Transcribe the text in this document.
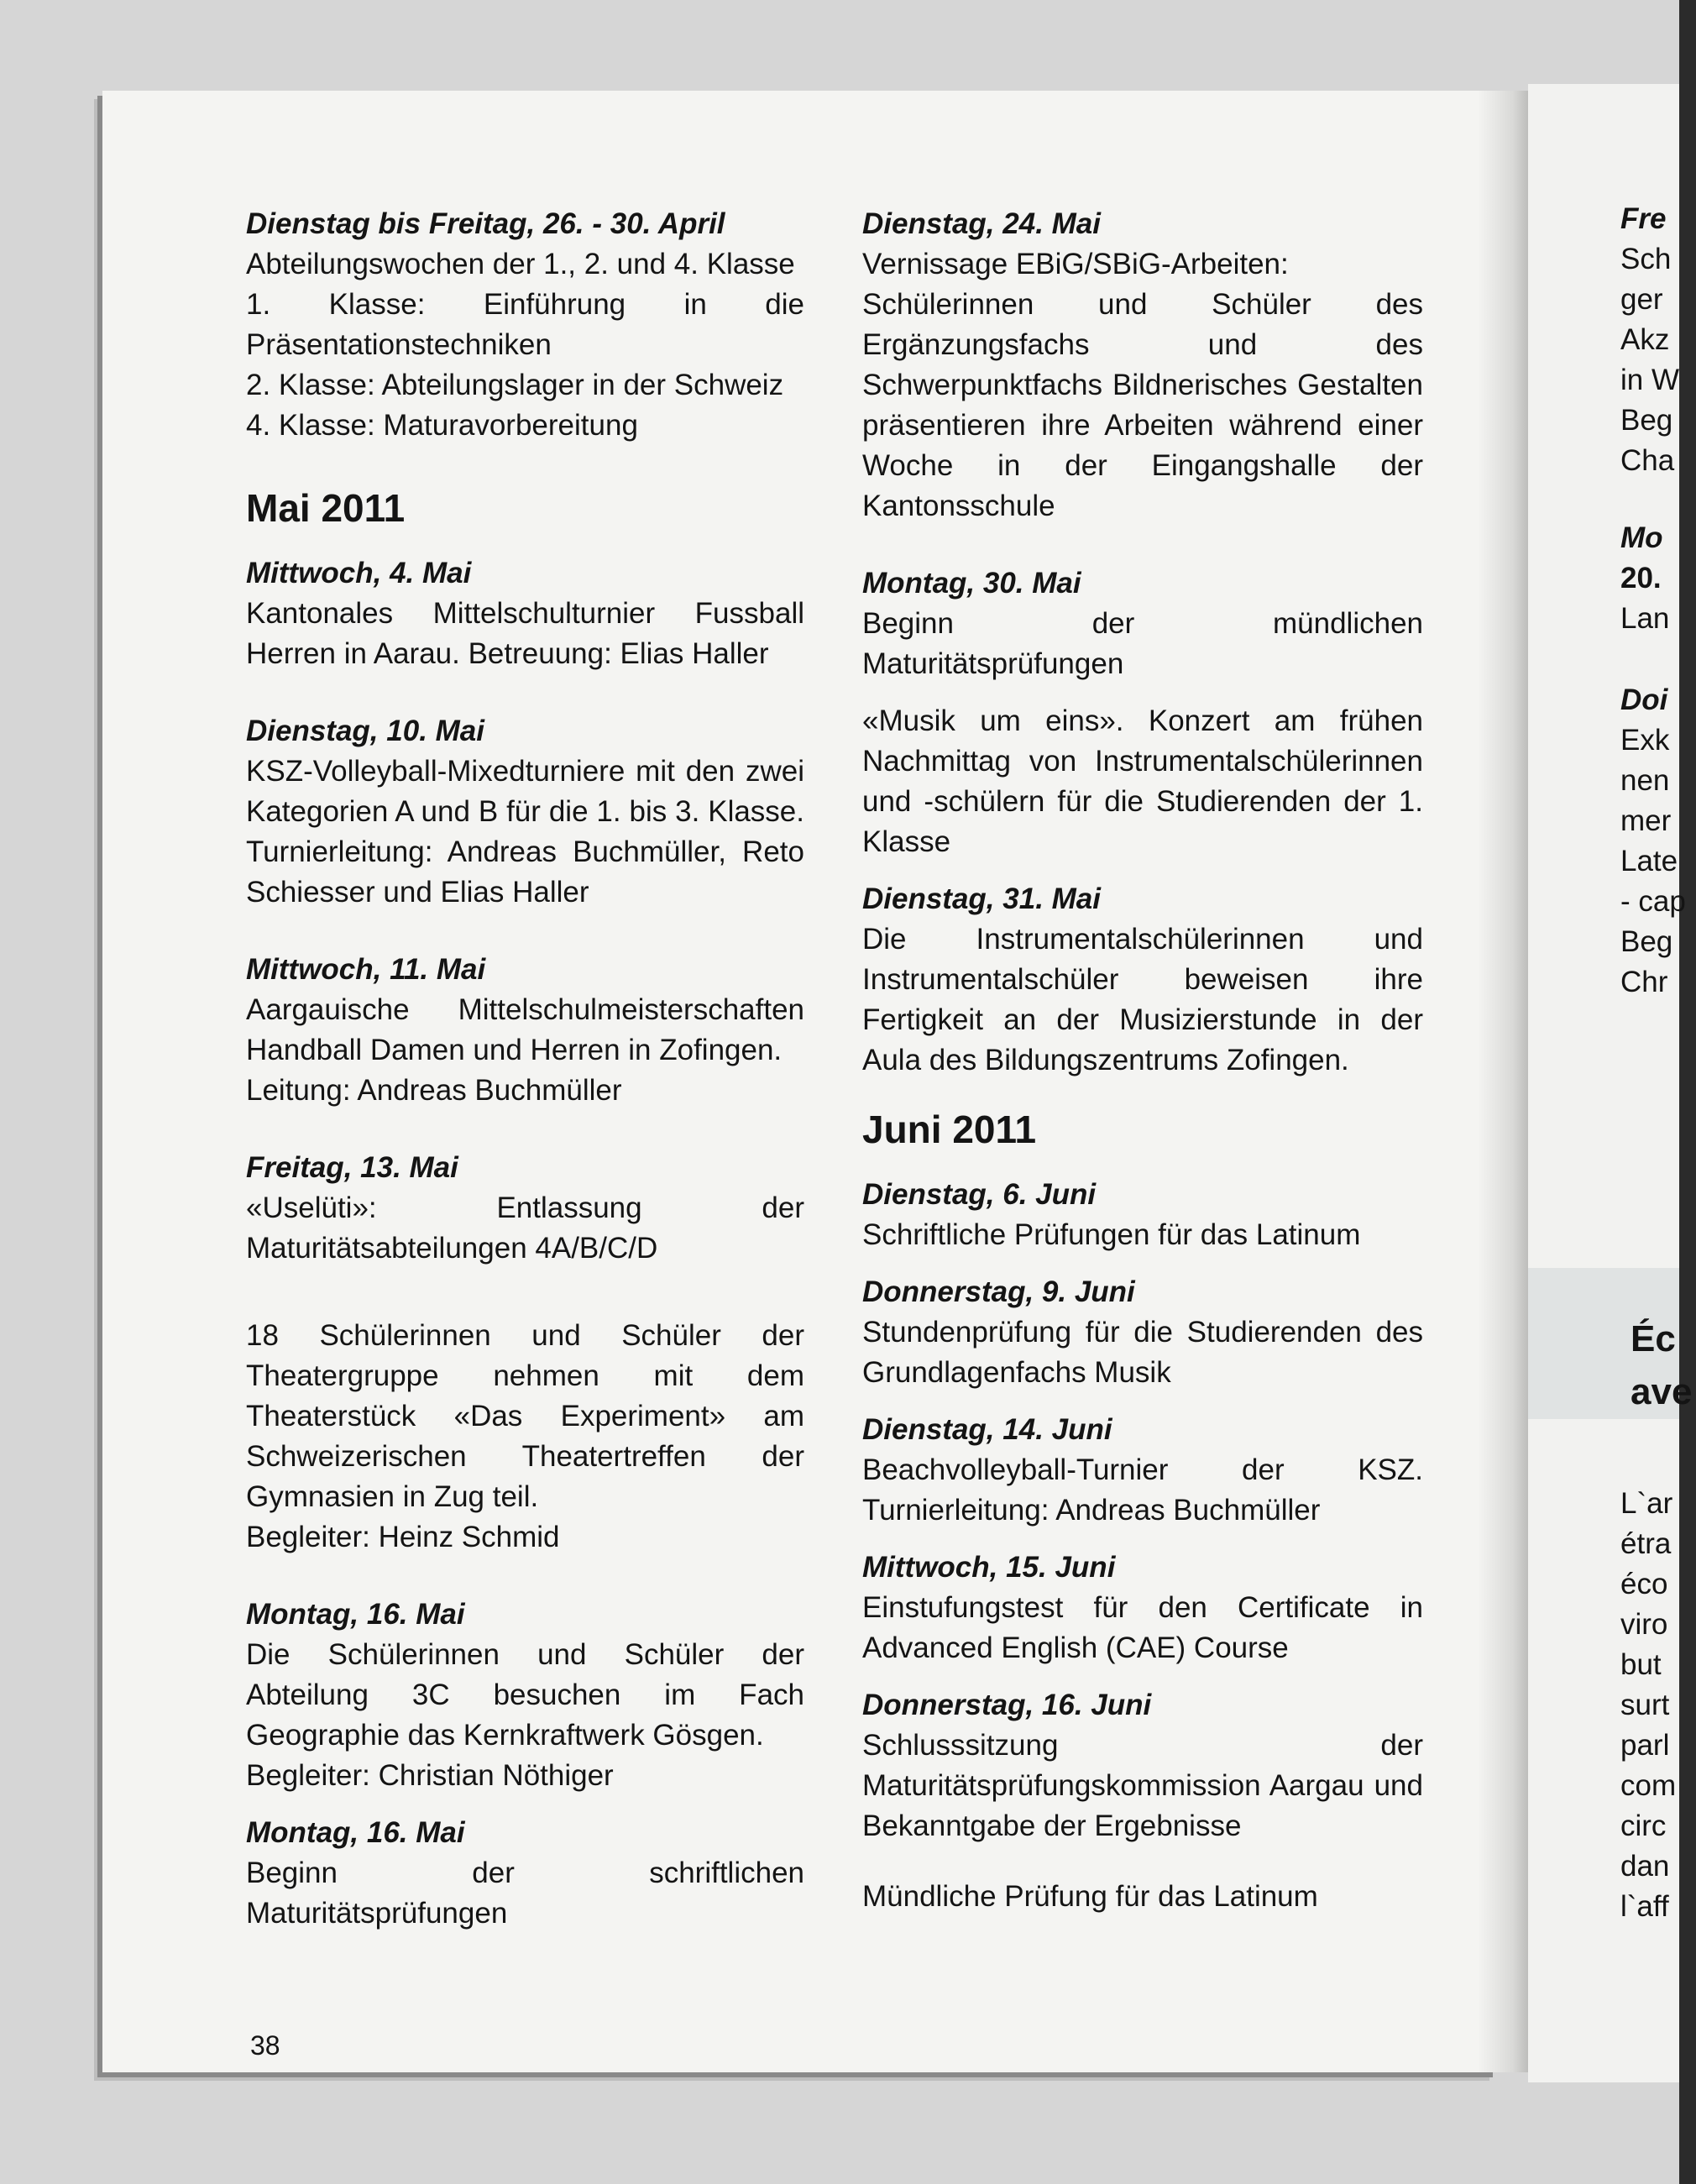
Dienstag bis Freitag, 26. - 30. April

Abteilungswochen der 1., 2. und 4. Klasse

1. Klasse: Einführung in die Präsentationstechniken

2. Klasse: Abteilungslager in der Schweiz

4. Klasse: Maturavorbereitung

Mai 2011

Mittwoch, 4. Mai

Kantonales Mittelschulturnier Fussball Herren in Aarau. Betreuung: Elias Haller

Dienstag, 10. Mai

KSZ-Volleyball-Mixedturniere mit den zwei Kategorien A und B für die 1. bis 3. Klasse. Turnierleitung: Andreas Buchmüller, Reto Schiesser und Elias Haller

Mittwoch, 11. Mai

Aargauische Mittelschulmeisterschaften Handball Damen und Herren in Zofingen.

Leitung: Andreas Buchmüller

Freitag, 13. Mai

«Uselüti»: Entlassung der Maturitätsabteilungen 4A/B/C/D

18 Schülerinnen und Schüler der Theatergruppe nehmen mit dem Theaterstück «Das Experiment» am Schweizerischen Theatertreffen der Gymnasien in Zug teil.

Begleiter: Heinz Schmid

Montag, 16. Mai

Die Schülerinnen und Schüler der Abteilung 3C besuchen im Fach Geographie das Kernkraftwerk Gösgen.

Begleiter: Christian Nöthiger

Montag, 16. Mai

Beginn der schriftlichen Maturitätsprüfungen

Dienstag, 24. Mai

Vernissage EBiG/SBiG-Arbeiten:

Schülerinnen und Schüler des Ergänzungsfachs und des Schwerpunktfachs Bildnerisches Gestalten präsentieren ihre Arbeiten während einer Woche in der Eingangshalle der Kantonsschule

Montag, 30. Mai

Beginn der mündlichen Maturitätsprüfungen

«Musik um eins». Konzert am frühen Nachmittag von Instrumentalschülerinnen und -schülern für die Studierenden der 1. Klasse

Dienstag, 31. Mai

Die Instrumentalschülerinnen und Instrumentalschüler beweisen ihre Fertigkeit an der Musizierstunde in der Aula des Bildungszentrums Zofingen.

Juni 2011

Dienstag, 6. Juni

Schriftliche Prüfungen für das Latinum

Donnerstag, 9. Juni

Stundenprüfung für die Studierenden des Grundlagenfachs Musik

Dienstag, 14. Juni

Beachvolleyball-Turnier der KSZ. Turnierleitung: Andreas Buchmüller

Mittwoch, 15. Juni

Einstufungstest für den Certificate in Advanced English (CAE) Course

Donnerstag, 16. Juni

Schlusssitzung der Maturitätsprüfungskommission Aargau und Bekanntgabe der Ergebnisse

Mündliche Prüfung für das Latinum

38
Fre
Sch
ger
Akz
in W
Beg
Cha
Mo
20.
Lan
Doi
Exk
nen
mer
Late
- cap
Beg
Chr
Éc
ave
L`ar
étra
éco
viro
but
surt
parl
com
circ
dan
l`aff
